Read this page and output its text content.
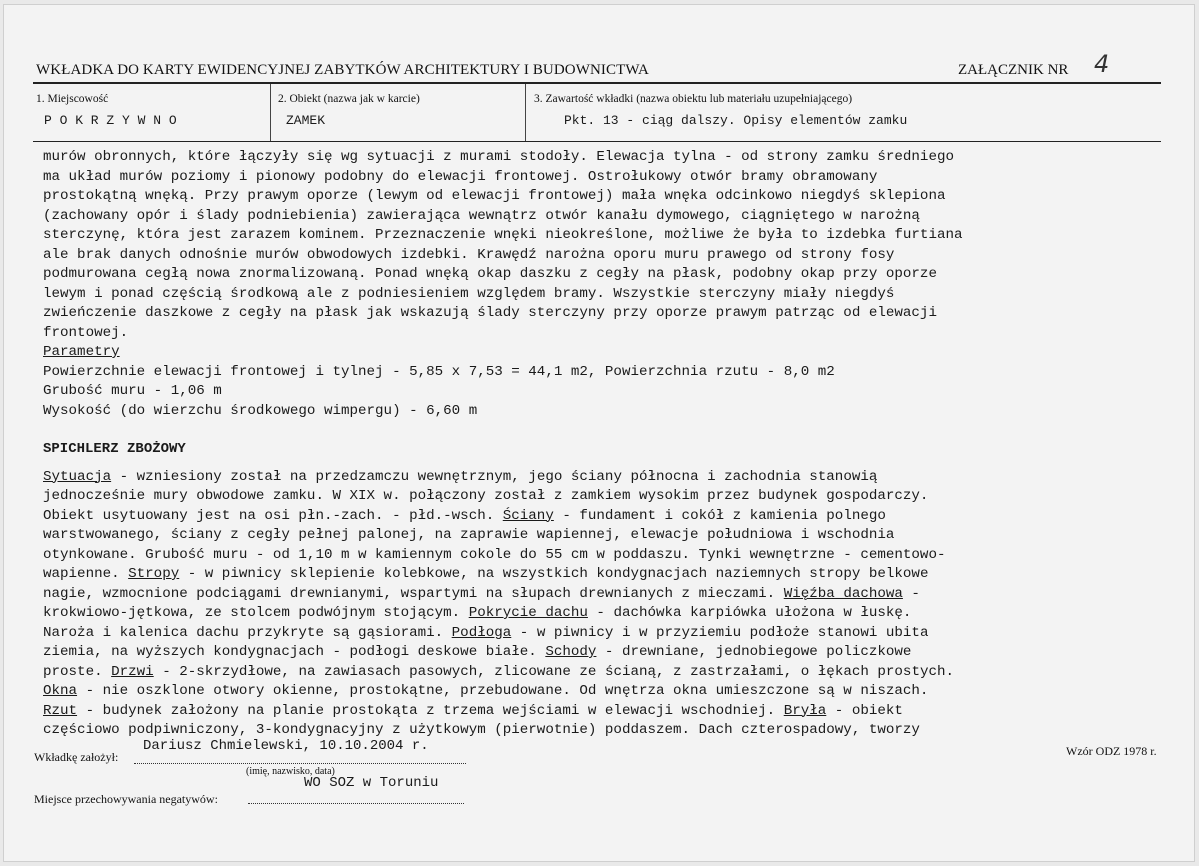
WKŁADKA DO KARTY EWIDENCYJNEJ ZABYTKÓW ARCHITEKTURY I BUDOWNICTWA	ZAŁĄCZNIK NR 4
1. Miejscowość
P O K R Z Y W N O
2. Obiekt (nazwa jak w karcie)
ZAMEK
3. Zawartość wkładki (nazwa obiektu lub materiału uzupełniającego)
Pkt. 13 - ciąg dalszy. Opisy elementów zamku
murów obronnych, które łączyły się wg sytuacji z murami stodoły. Elewacja tylna - od strony zamku średniego
ma układ murów poziomy i pionowy podobny do elewacji frontowej. Ostrołukowy otwór bramy obramowany
prostokątną wnęką. Przy prawym oporze (lewym od elewacji frontowej) mała wnęka odcinkowo niegdyś sklepiona
(zachowany opór i ślady podniebienia) zawierająca wewnątrz otwór kanału dymowego, ciągniętego w narożną
sterczynę, która jest zarazem kominem. Przeznaczenie wnęki nieokreślone, możliwe że była to izdebka furtiana
ale brak danych odnośnie murów obwodowych izdebki. Krawędź narożna oporu muru prawego od strony fosy
podmurowana cegłą nowa znormalizowaną. Ponad wnęką okap daszku z cegły na płask, podobny okap przy oporze
lewym i ponad częścią środkową ale z podniesieniem względem bramy. Wszystkie sterczyny miały niegdyś
zwieńczenie daszkowe z cegły na płask jak wskazują ślady sterczyny przy oporze prawym patrząc od elewacji
frontowej.
Parametry
Powierzchnie elewacji frontowej i tylnej - 5,85 x 7,53 = 44,1 m2, Powierzchnia rzutu - 8,0 m2
Grubość muru - 1,06 m
Wysokość (do wierzchu środkowego wimpergu) - 6,60 m
SPICHLERZ ZBOŻOWY
Sytuacja - wzniesiony został na przedzamczu wewnętrznym, jego ściany północna i zachodnia stanowią
jednocześnie mury obwodowe zamku. W XIX w. połączony został z zamkiem wysokim przez budynek gospodarczy.
Obiekt usytuowany jest na osi płn.-zach. - płd.-wsch. Ściany - fundament i cokół z kamienia polnego
warstwowanego, ściany z cegły pełnej palonej, na zaprawie wapiennej, elewacje południowa i wschodnia
otynkowane. Grubość muru - od 1,10 m w kamiennym cokole do 55 cm w poddaszu. Tynki wewnętrzne - cementowo-
wapienne. Stropy - w piwnicy sklepienie kolebkowe, na wszystkich kondygnacjach naziemnych stropy belkowe
nagie, wzmocnione podciągami drewnianymi, wspartymi na słupach drewnianych z mieczami. Więźba dachowa -
krokwiowo-jętkowa, ze stolcem podwójnym stojącym. Pokrycie dachu - dachówka karpiówka ułożona w łuskę.
Naroża i kalenica dachu przykryte są gąsiorami. Podłoga - w piwnicy i w przyziemiu podłoże stanowi ubita
ziemia, na wyższych kondygnacjach - podłogi deskowe białe. Schody - drewniane, jednobiegowe policzkowe
proste. Drzwi - 2-skrzydłowe, na zawiasach pasowych, zlicowane ze ścianą, z zastrzałami, o łękach prostych.
Okna - nie oszklone otwory okienne, prostokątne, przebudowane. Od wnętrza okna umieszczone są w niszach.
Rzut - budynek założony na planie prostokąta z trzema wejściami w elewacji wschodniej. Bryła - obiekt
częściowo podpiwniczony, 3-kondygnacyjny z użytkowym (pierwotnie) poddaszem. Dach czterospadowy, tworzy
Wkładkę założył:
Dariusz Chmielewski, 10.10.2004 r.
(imię, nazwisko, data)
Wzór ODZ 1978 r.
Miejsce przechowywania negatywów:
WO SOZ w Toruniu
